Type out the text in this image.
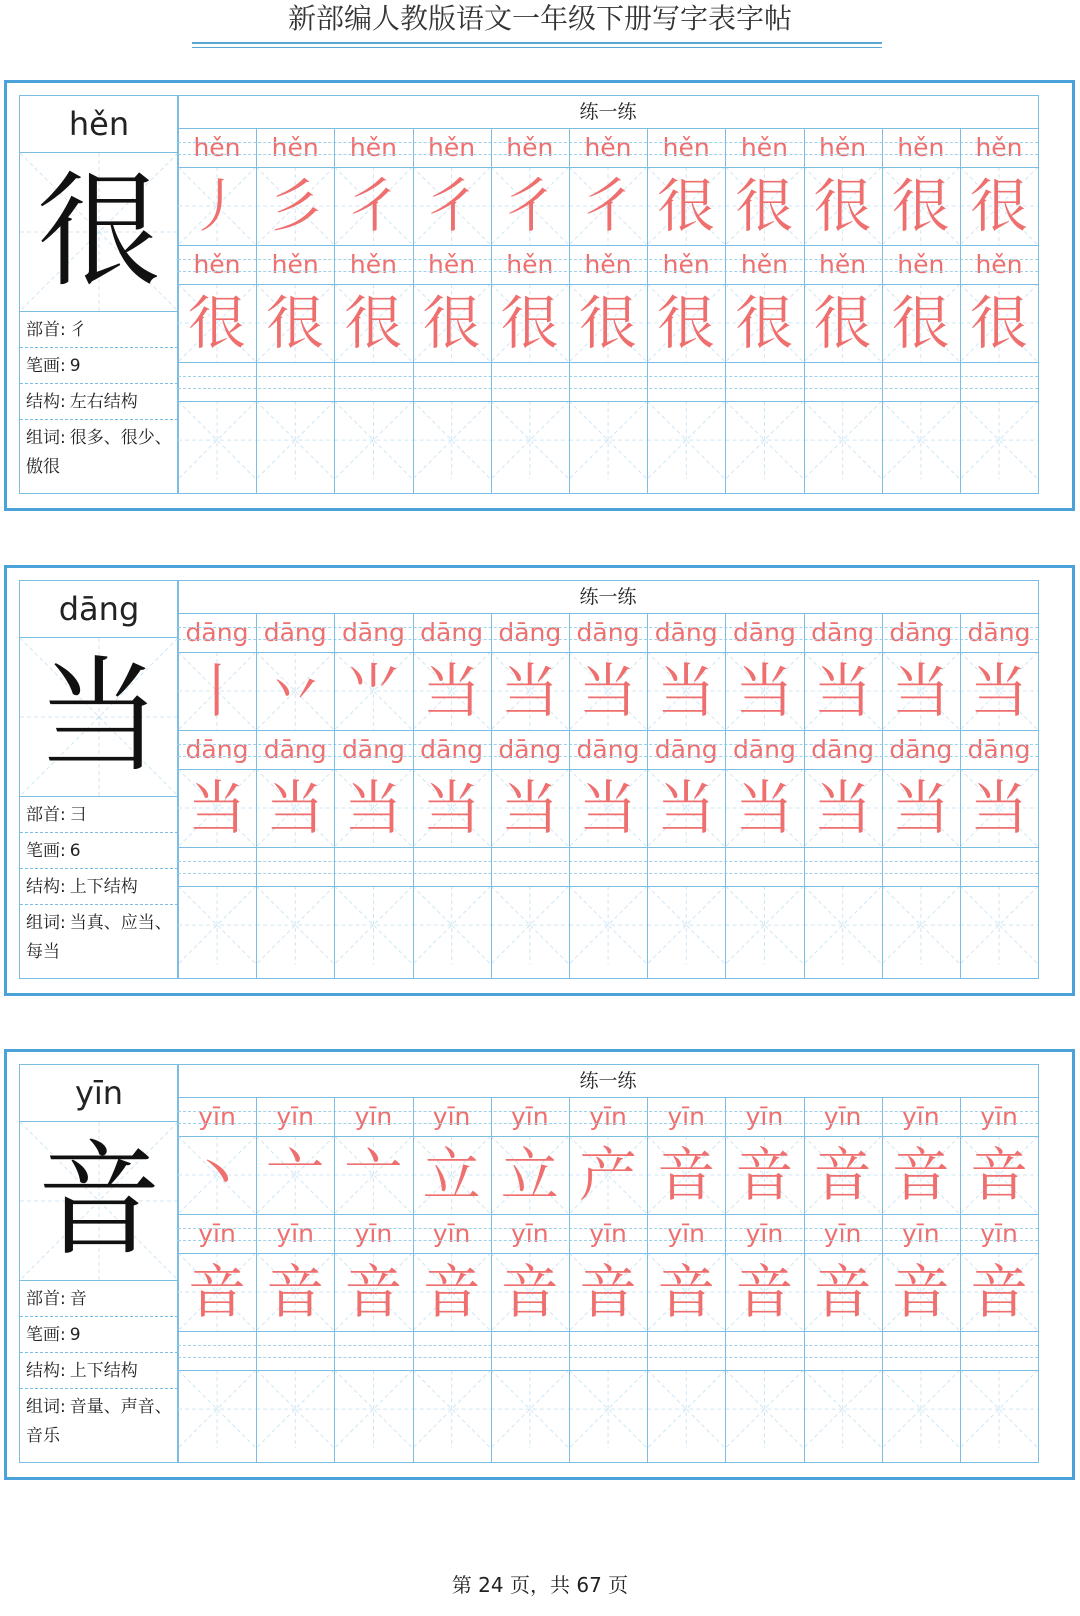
新部编人教版语文一年级下册写字表字帖
hěn
很
部首: 彳
笔画: 9
结构: 左右结构
组词: 很多、很少、傲很
练一练
hěn	hěn	hěn	hěn	hěn	hěn	hěn	hěn	hěn	hěn	hěn
丿 彡 彳 彳 彳 彳 很 很 很 很 很
hěn	hěn	hěn	hěn	hěn	hěn	hěn	hěn	hěn	hěn	hěn
很 很 很 很 很 很 很 很 很 很 很
dāng
当
部首: 彐
笔画: 6
结构: 上下结构
组词: 当真、应当、每当
练一练
dāng dāng dāng dāng dāng dāng dāng dāng dāng dāng dāng
丨 丷 ⺌ 当 当 当 当 当 当 当 当
dāng dāng dāng dāng dāng dāng dāng dāng dāng dāng dāng
当 当 当 当 当 当 当 当 当 当 当
yīn
音
部首: 音
笔画: 9
结构: 上下结构
组词: 音量、声音、音乐
练一练
yīn	yīn	yīn	yīn	yīn	yīn	yīn	yīn	yīn	yīn	yīn
丶 亠 亠 立 立 产 音 音 音 音 音
yīn	yīn	yīn	yīn	yīn	yīn	yīn	yīn	yīn	yīn	yīn
音 音 音 音 音 音 音 音 音 音 音
第 24 页，共 67 页
